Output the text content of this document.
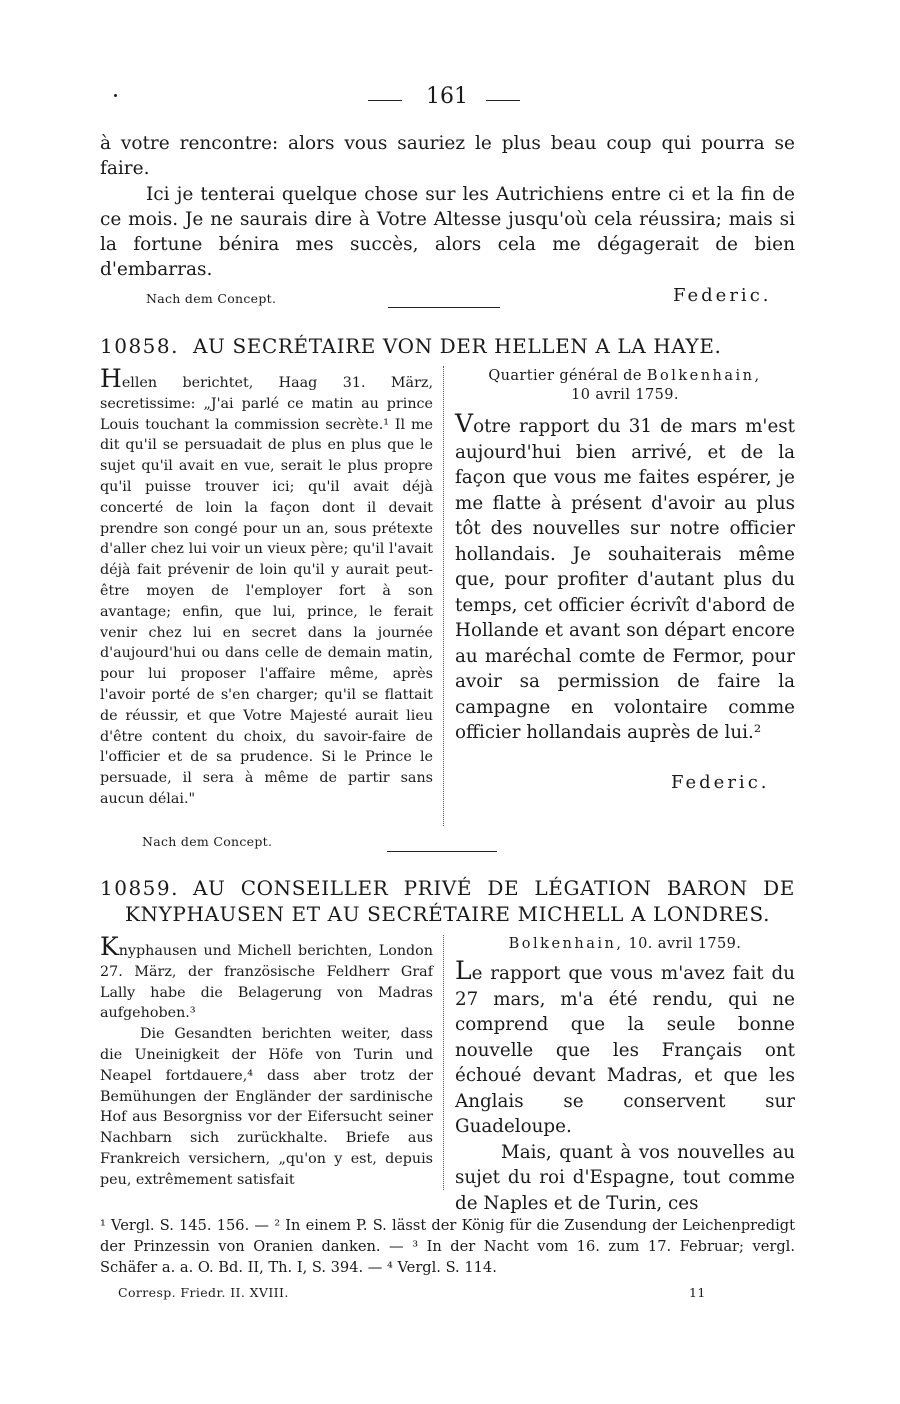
161
à votre rencontre: alors vous sauriez le plus beau coup qui pourra se faire.
Ici je tenterai quelque chose sur les Autrichiens entre ci et la fin de ce mois. Je ne saurais dire à Votre Altesse jusqu'où cela réussira; mais si la fortune bénira mes succès, alors cela me dégagerait de bien d'embarras.
Nach dem Concept.	Federic.
10858. AU SECRÉTAIRE VON DER HELLEN A LA HAYE.
Hellen berichtet, Haag 31. März, secretissime: „J'ai parlé ce matin au prince Louis touchant la commission secrète.¹ Il me dit qu'il se persuadait de plus en plus que le sujet qu'il avait en vue, serait le plus propre qu'il puisse trouver ici; qu'il avait déjà concerté de loin la façon dont il devait prendre son congé pour un an, sous prétexte d'aller chez lui voir un vieux père; qu'il l'avait déjà fait prévenir de loin qu'il y aurait peut-être moyen de l'employer fort à son avantage; enfin, que lui, prince, le ferait venir chez lui en secret dans la journée d'aujourd'hui ou dans celle de demain matin, pour lui proposer l'affaire même, après l'avoir porté de s'en charger; qu'il se flattait de réussir, et que Votre Majesté aurait lieu d'être content du choix, du savoir-faire de l'officier et de sa prudence. Si le Prince le persuade, il sera à même de partir sans aucun délai."
Nach dem Concept.
Quartier général de Bolkenhain,
10 avril 1759.
Votre rapport du 31 de mars m'est aujourd'hui bien arrivé, et de la façon que vous me faites espérer, je me flatte à présent d'avoir au plus tôt des nouvelles sur notre officier hollandais. Je souhaiterais même que, pour profiter d'autant plus du temps, cet officier écrivît d'abord de Hollande et avant son départ encore au maréchal comte de Fermor, pour avoir sa permission de faire la campagne en volontaire comme officier hollandais auprès de lui.²
Federic.
10859. AU CONSEILLER PRIVÉ DE LÉGATION BARON DE KNYPHAUSEN ET AU SECRÉTAIRE MICHELL A LONDRES.
Knyphausen und Michell berichten, London 27. März, der französische Feldherr Graf Lally habe die Belagerung von Madras aufgehoben.³
Die Gesandten berichten weiter, dass die Uneinigkeit der Höfe von Turin und Neapel fortdauere,⁴ dass aber trotz der Bemühungen der Engländer der sardinische Hof aus Besorgniss vor der Eifersucht seiner Nachbarn sich zurückhalte. Briefe aus Frankreich versichern, „qu'on y est, depuis peu, extrêmement satisfait
Bolkenhain, 10. avril 1759.
Le rapport que vous m'avez fait du 27 mars, m'a été rendu, qui ne comprend que la seule bonne nouvelle que les Français ont échoué devant Madras, et que les Anglais se conservent sur Guadeloupe.
Mais, quant à vos nouvelles au sujet du roi d'Espagne, tout comme de Naples et de Turin, ces
¹ Vergl. S. 145. 156. — ² In einem P. S. lässt der König für die Zusendung der Leichenpredigt der Prinzessin von Oranien danken. — ³ In der Nacht vom 16. zum 17. Februar; vergl. Schäfer a. a. O. Bd. II, Th. I, S. 394. — ⁴ Vergl. S. 114.
Corresp. Friedr. II. XVIII.	11
